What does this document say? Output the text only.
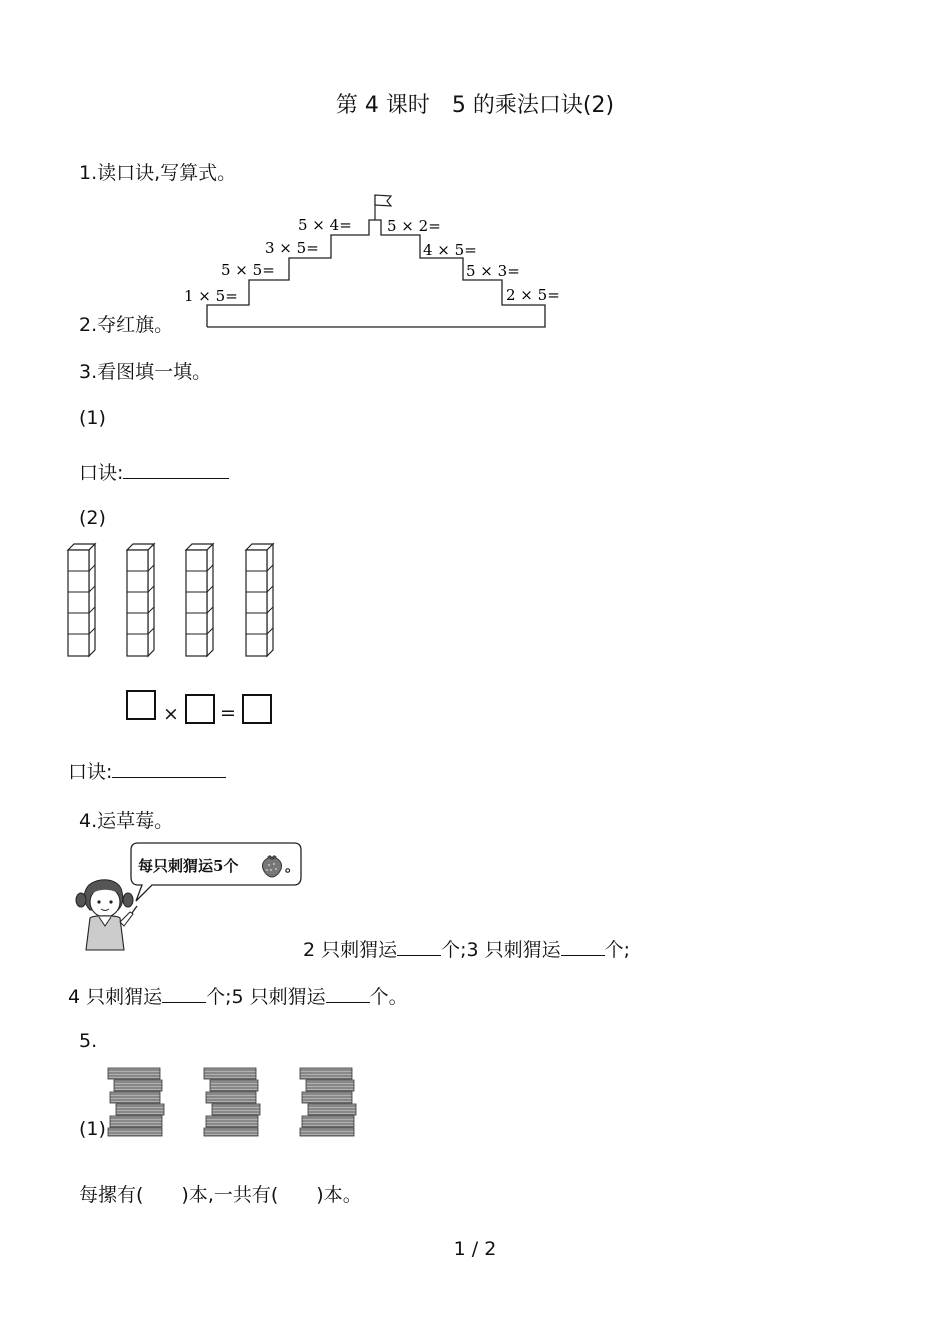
第 4 课时　5 的乘法口诀(2)
1.读口诀,写算式。
1 × 5=
5 × 5=
3 × 5=
5 × 4= 5 × 2=
4 × 5=
5 × 3=
2 × 5=
2.夺红旗。
3.看图填一填。
(1)
口诀:
(2)
× =
口诀:
4.运草莓。
每只刺猬运5个	。
2 只刺猬运 个;3 只刺猬运 个;
4 只刺猬运 个;5 只刺猬运 个。
5.
(1)
每摞有(　　)本,一共有(　　)本。
1 / 2
